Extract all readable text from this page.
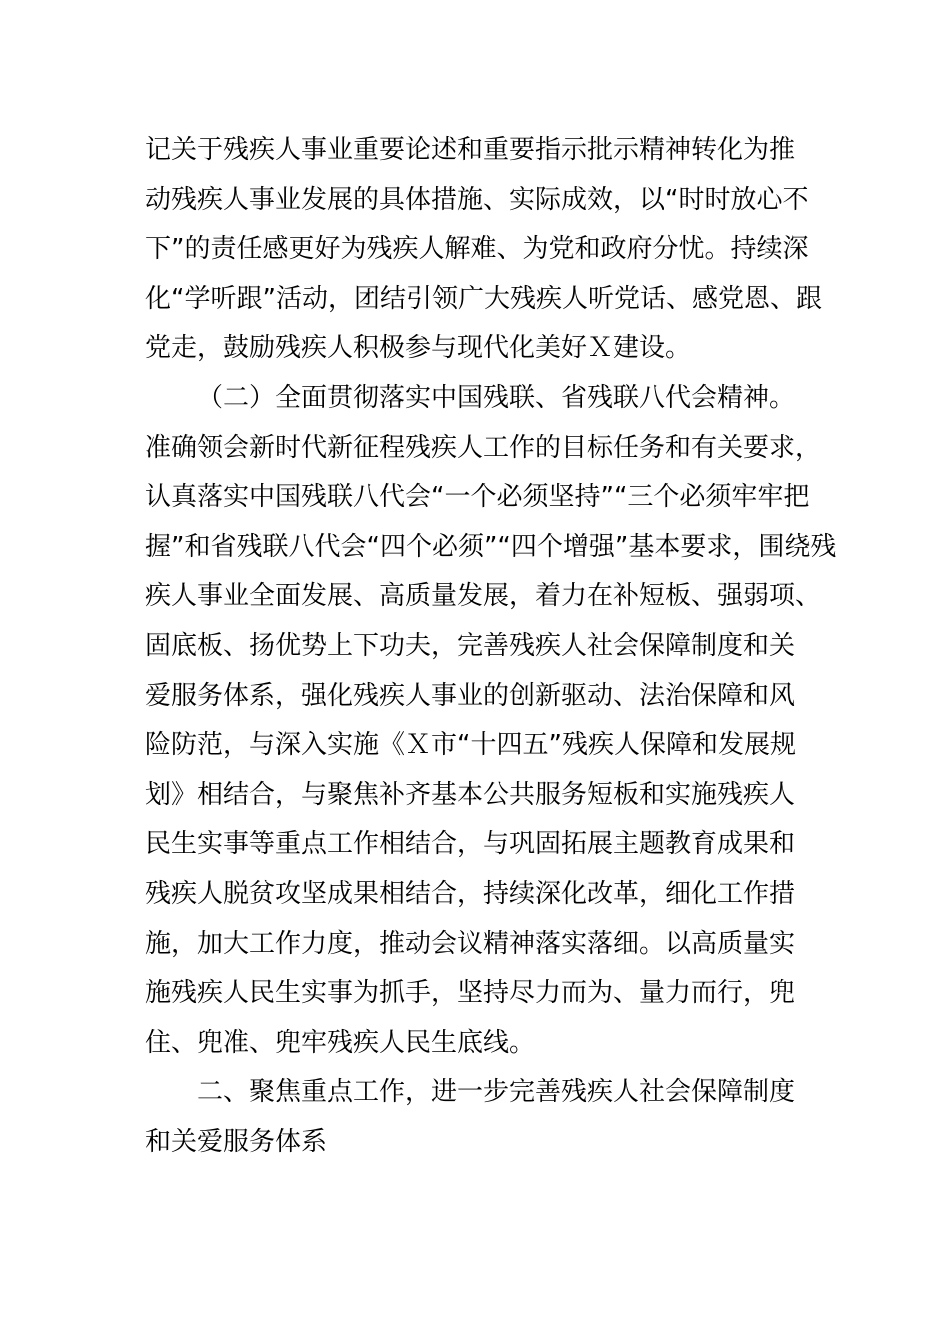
记关于残疾人事业重要论述和重要指示批示精神转化为推
动残疾人事业发展的具体措施、实际成效，以“时时放心不
下”的责任感更好为残疾人解难、为党和政府分忧。持续深
化“学听跟”活动，团结引领广大残疾人听党话、感党恩、跟
党走，鼓励残疾人积极参与现代化美好Ｘ建设。
（二）全面贯彻落实中国残联、省残联八代会精神。
准确领会新时代新征程残疾人工作的目标任务和有关要求，
认真落实中国残联八代会“一个必须坚持”“三个必须牢牢把
握”和省残联八代会“四个必须”“四个增强”基本要求，围绕残
疾人事业全面发展、高质量发展，着力在补短板、强弱项、
固底板、扬优势上下功夫，完善残疾人社会保障制度和关
爱服务体系，强化残疾人事业的创新驱动、法治保障和风
险防范，与深入实施《Ｘ市“十四五”残疾人保障和发展规
划》相结合，与聚焦补齐基本公共服务短板和实施残疾人
民生实事等重点工作相结合，与巩固拓展主题教育成果和
残疾人脱贫攻坚成果相结合，持续深化改革，细化工作措
施，加大工作力度，推动会议精神落实落细。以高质量实
施残疾人民生实事为抓手，坚持尽力而为、量力而行，兜
住、兜准、兜牢残疾人民生底线。
二、聚焦重点工作，进一步完善残疾人社会保障制度
和关爱服务体系
